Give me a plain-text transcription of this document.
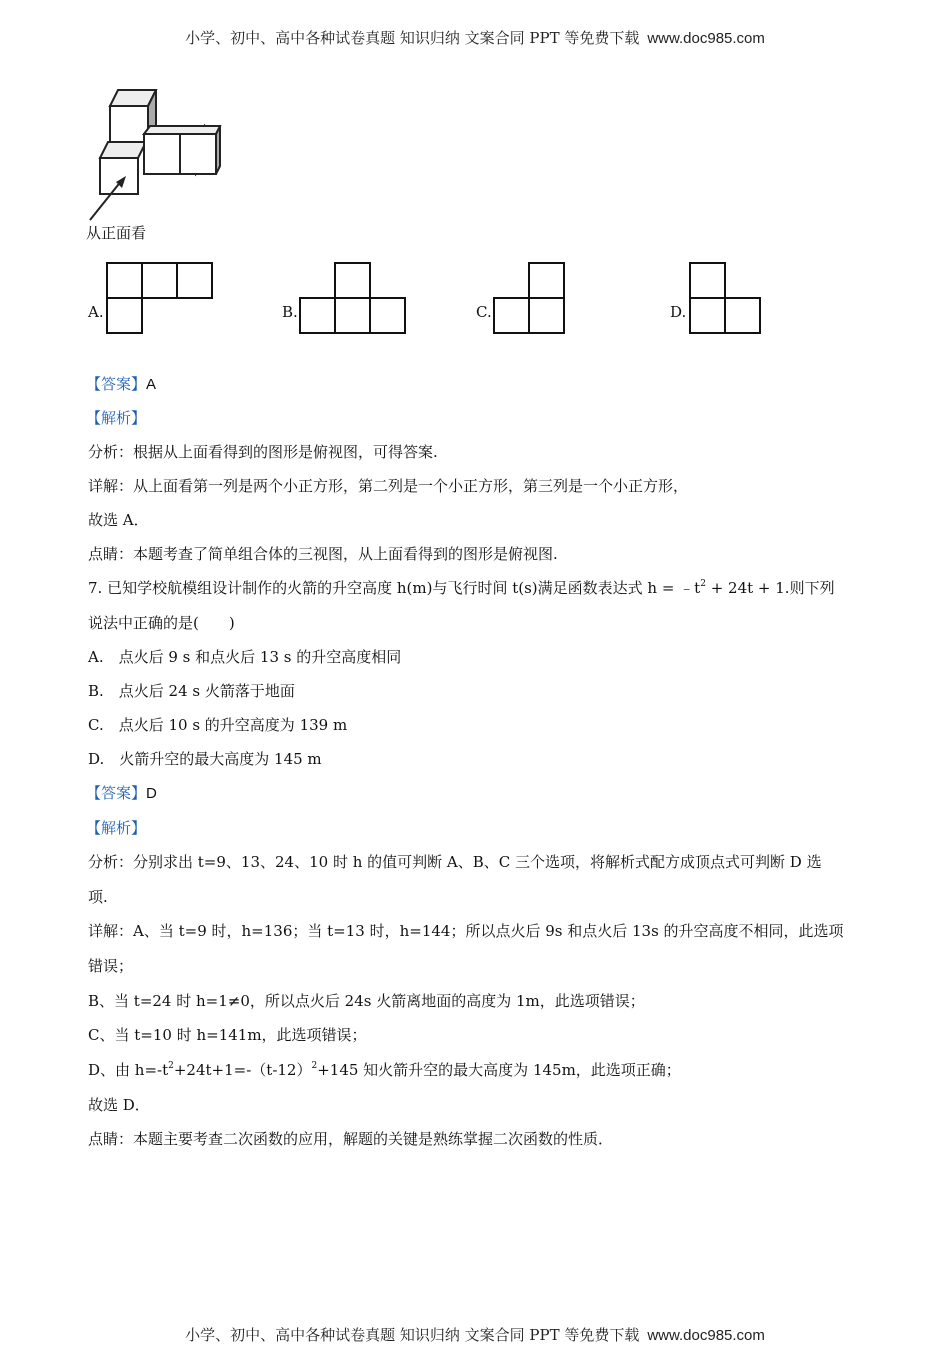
小学、初中、高中各种试卷真题 知识归纳 文案合同 PPT 等免费下载 www.doc985.com
从正面看
A.	B.	C.	D.
【答案】A
【解析】
分析：根据从上面看得到的图形是俯视图，可得答案.
详解：从上面看第一列是两个小正方形，第二列是一个小正方形，第三列是一个小正方形，
故选 A．
点睛：本题考查了简单组合体的三视图，从上面看得到的图形是俯视图.
7. 已知学校航模组设计制作的火箭的升空高度 h(m)与飞行时间 t(s)满足函数表达式 $h = ﹣t^2 + 24t + 1$.则下列
说法中正确的是(　　)
A.　点火后 9 s 和点火后 13 s 的升空高度相同
B.　点火后 24 s 火箭落于地面
C.　点火后 10 s 的升空高度为 139 m
D.　火箭升空的最大高度为 145 m
【答案】D
【解析】
分析：分别求出 t=9、13、24、10 时 h 的值可判断 A、B、C 三个选项，将解析式配方成顶点式可判断 D 选
项.
详解：A、当 t=9 时，h=136；当 t=13 时，h=144；所以点火后 9s 和点火后 13s 的升空高度不相同，此选项
错误；
B、当 t=24 时 h=1≠0，所以点火后 24s 火箭离地面的高度为 1m，此选项错误；
C、当 t=10 时 h=141m，此选项错误；
D、由 $h=-t^2+24t+1=-(t-12)^2+145$ 知火箭升空的最大高度为 145m，此选项正确；
故选 D．
点睛：本题主要考查二次函数的应用，解题的关键是熟练掌握二次函数的性质．
小学、初中、高中各种试卷真题 知识归纳 文案合同 PPT 等免费下载 www.doc985.com
